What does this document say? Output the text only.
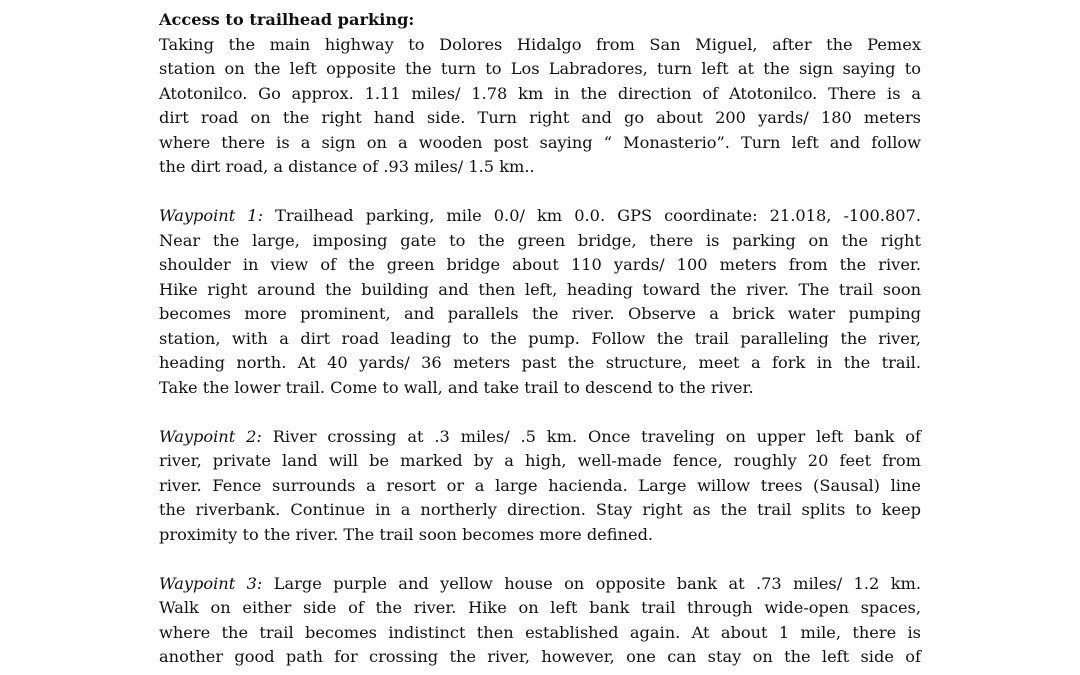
Access to trailhead parking:
Taking the main highway to Dolores Hidalgo from San Miguel, after the Pemex
station on the left opposite the turn to Los Labradores, turn left at the sign saying to
Atotonilco. Go approx. 1.11 miles/ 1.78 km in the direction of Atotonilco. There is a
dirt road on the right hand side. Turn right and go about 200 yards/ 180 meters
where there is a sign on a wooden post saying “ Monasterio”. Turn left and follow
the dirt road, a distance of .93 miles/ 1.5 km..
Waypoint 1: Trailhead parking, mile 0.0/ km 0.0. GPS coordinate: 21.018, -100.807.
Near the large, imposing gate to the green bridge, there is parking on the right
shoulder in view of the green bridge about 110 yards/ 100 meters from the river.
Hike right around the building and then left, heading toward the river. The trail soon
becomes more prominent, and parallels the river. Observe a brick water pumping
station, with a dirt road leading to the pump. Follow the trail paralleling the river,
heading north. At 40 yards/ 36 meters past the structure, meet a fork in the trail.
Take the lower trail. Come to wall, and take trail to descend to the river.
Waypoint 2: River crossing at .3 miles/ .5 km. Once traveling on upper left bank of
river, private land will be marked by a high, well-made fence, roughly 20 feet from
river. Fence surrounds a resort or a large hacienda. Large willow trees (Sausal) line
the riverbank. Continue in a northerly direction. Stay right as the trail splits to keep
proximity to the river. The trail soon becomes more defined.
Waypoint 3: Large purple and yellow house on opposite bank at .73 miles/ 1.2 km.
Walk on either side of the river. Hike on left bank trail through wide-open spaces,
where the trail becomes indistinct then established again. At about 1 mile, there is
another good path for crossing the river, however, one can stay on the left side of
